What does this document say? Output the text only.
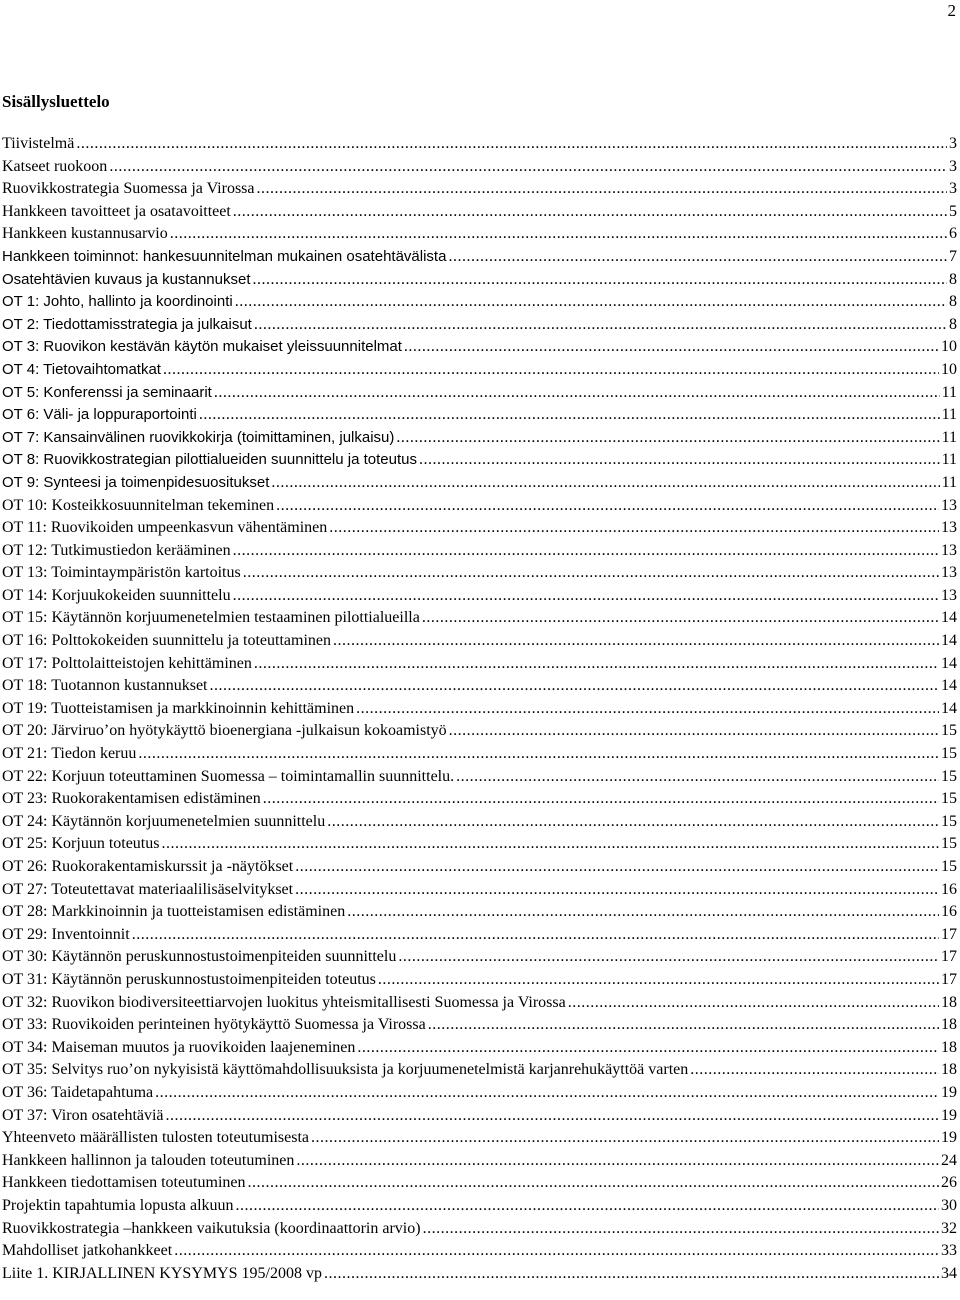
2
Sisällysluettelo
Tiivistelmä .....	3
Katseet ruokoon .....	3
Ruovikkostrategia Suomessa ja Virossa .....	3
Hankkeen tavoitteet ja osatavoitteet .....	5
Hankkeen kustannusarvio .....	6
Hankkeen toiminnot: hankesuunnitelman mukainen osatehtävälista .....	7
Osatehtävien kuvaus ja kustannukset .....	8
OT 1: Johto, hallinto ja koordinointi .....	8
OT 2: Tiedottamisstrategia ja julkaisut .....	8
OT 3: Ruovikon kestävän käytön mukaiset yleissuunnitelmat .....	10
OT 4: Tietovaihtomatkat .....	10
OT 5: Konferenssi ja seminaarit .....	11
OT 6: Väli- ja loppuraportointi .....	11
OT 7: Kansainvälinen ruovikkokirja (toimittaminen, julkaisu) .....	11
OT 8: Ruovikkostrategian pilottialueiden suunnittelu ja toteutus .....	11
OT 9: Synteesi ja toimenpidesuositukset .....	11
OT 10: Kosteikkosuunnitelman tekeminen .....	13
OT 11: Ruovikoiden umpeenkasvun vähentäminen .....	13
OT 12: Tutkimustiedon kerääminen .....	13
OT 13: Toimintaympäristön kartoitus .....	13
OT 14: Korjuukokeiden suunnittelu .....	13
OT 15: Käytännön korjuumenetelmien testaaminen pilottialueilla .....	14
OT 16: Polttokokeiden suunnittelu ja toteuttaminen .....	14
OT 17: Polttolaitteistojen kehittäminen .....	14
OT 18: Tuotannon kustannukset .....	14
OT 19: Tuotteistamisen ja markkinoinnin kehittäminen .....	14
OT 20: Järviruo’on hyötykäyttö bioenergiana -julkaisun kokoamistyö .....	15
OT 21: Tiedon keruu .....	15
OT 22: Korjuun toteuttaminen Suomessa – toimintamallin suunnittelu. .....	15
OT 23: Ruokorakentamisen edistäminen .....	15
OT 24: Käytännön korjuumenetelmien suunnittelu .....	15
OT 25: Korjuun toteutus .....	15
OT 26: Ruokorakentamiskurssit ja -näytökset .....	15
OT 27: Toteutettavat materiaalilisäselvitykset .....	16
OT 28: Markkinoinnin ja tuotteistamisen edistäminen .....	16
OT 29: Inventoinnit .....	17
OT 30: Käytännön peruskunnostustoimenpiteiden suunnittelu .....	17
OT 31: Käytännön peruskunnostustoimenpiteiden toteutus .....	17
OT 32: Ruovikon biodiversiteettiarvojen luokitus yhteismitallisesti Suomessa ja Virossa .....	18
OT 33: Ruovikoiden perinteinen hyötykäyttö Suomessa ja Virossa .....	18
OT 34: Maiseman muutos ja ruovikoiden laajeneminen .....	18
OT 35: Selvitys ruo’on nykyisistä käyttömahdollisuuksista ja korjuumenetelmistä karjanrehukäyttöä varten .....	18
OT 36: Taidetapahtuma .....	19
OT 37: Viron osatehtäviä .....	19
Yhteenveto määrällisten tulosten toteutumisesta .....	19
Hankkeen hallinnon ja talouden toteutuminen .....	24
Hankkeen tiedottamisen toteutuminen .....	26
Projektin tapahtumia lopusta alkuun .....	30
Ruovikkostrategia –hankkeen vaikutuksia (koordinaattorin arvio) .....	32
Mahdolliset jatkohankkeet .....	33
Liite 1. KIRJALLINEN KYSYMYS 195/2008 vp .....	34
